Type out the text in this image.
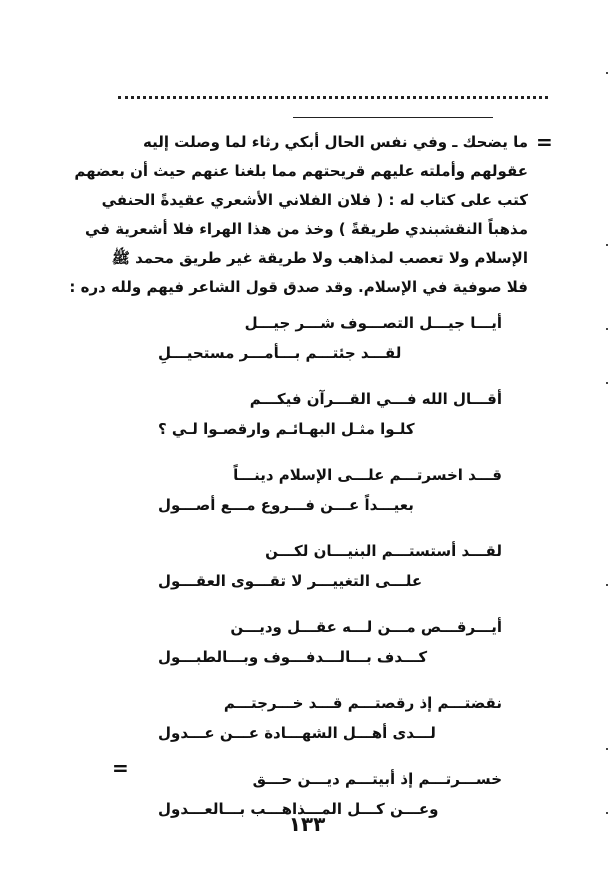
=
ما يضحك ـ وفي نفس الحال أبكي رثاء لما وصلت إليه
عقولهم وأملته عليهم قريحتهم مما بلغنا عنهم حيث أن بعضهم
كتب على كتاب له : ( فلان الفلاني الأشعري عقيدةً الحنفي
مذهباً النقشبندي طريقةً ) وخذ من هذا الهراء فلا أشعرية في
الإسلام ولا تعصب لمذاهب ولا طريقة غير طريق محمد ﷺ
فلا صوفية في الإسلام. وقد صدق قول الشاعر فيهم ولله دره :
أيـــا جيـــل التصـــوف شـــر جيـــل
لقـــد جئتـــم بـــأمـــر مستحيـــلِ
أقـــال الله فـــي القـــرآن فيكـــم
كلـوا مثـل البهـائـم وارقصـوا لـي ؟
قـــد اخسرتـــم علـــى الإسلام دينـــاً
بعيـــداً عـــن فـــروع مـــع أصـــول
لقـــد أستستـــم البنيـــان لكـــن
علـــى التغييـــر لا تقـــوى العقـــول
أيـــرقـــص مـــن لـــه عقـــل وديـــن
كـــدف بـــالـــدفـــوف وبـــالطبـــول
نقضتـــم إذ رقصتـــم قـــد خـــرجتـــم
لـــدى أهـــل الشهـــادة عـــن عـــدول
خســـرتـــم إذ أبيتـــم ديـــن حـــق
وعـــن كـــل المـــذاهـــب بـــالعـــدول
=
١٣٣
